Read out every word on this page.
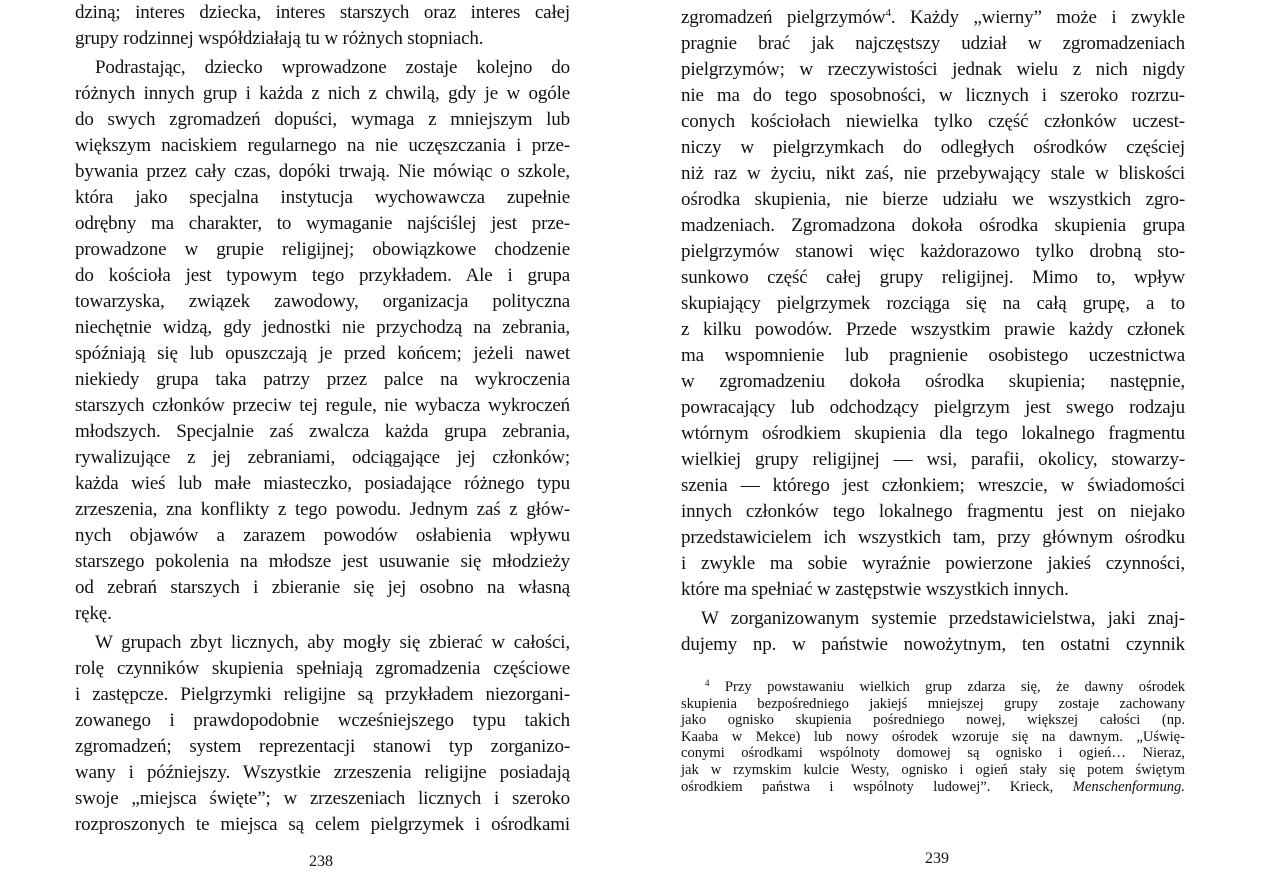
dziną; interes dziecka, interes starszych oraz interes całej
grupy rodzinnej współdziałają tu w różnych stopniach.
Podrastając, dziecko wprowadzone zostaje kolejno do
różnych innych grup i każda z nich z chwilą, gdy je w ogóle
do swych zgromadzeń dopuści, wymaga z mniejszym lub
większym naciskiem regularnego na nie uczęszczania i prze-
bywania przez cały czas, dopóki trwają. Nie mówiąc o szkole,
która jako specjalna instytucja wychowawcza zupełnie
odrębny ma charakter, to wymaganie najściślej jest prze-
prowadzone w grupie religijnej; obowiązkowe chodzenie
do kościoła jest typowym tego przykładem. Ale i grupa
towarzyska, związek zawodowy, organizacja polityczna
niechętnie widzą, gdy jednostki nie przychodzą na zebrania,
spóźniają się lub opuszczają je przed końcem; jeżeli nawet
niekiedy grupa taka patrzy przez palce na wykroczenia
starszych członków przeciw tej regule, nie wybacza wykroczeń
młodszych. Specjalnie zaś zwalcza każda grupa zebrania,
rywalizujące z jej zebraniami, odciągające jej członków;
każda wieś lub małe miasteczko, posiadające różnego typu
zrzeszenia, zna konflikty z tego powodu. Jednym zaś z głów-
nych objawów a zarazem powodów osłabienia wpływu
starszego pokolenia na młodsze jest usuwanie się młodzieży
od zebrań starszych i zbieranie się jej osobno na własną
rękę.
W grupach zbyt licznych, aby mogły się zbierać w całości,
rolę czynników skupienia spełniają zgromadzenia częściowe
i zastępcze. Pielgrzymki religijne są przykładem niezorgani-
zowanego i prawdopodobnie wcześniejszego typu takich
zgromadzeń; system reprezentacji stanowi typ zorganizo-
wany i późniejszy. Wszystkie zrzeszenia religijne posiadają
swoje „miejsca święte”; w zrzeszeniach licznych i szeroko
rozproszonych te miejsca są celem pielgrzymek i ośrodkami
zgromadzeń pielgrzymów$^4$. Każdy „wierny” może i zwykle
pragnie brać jak najczęstszy udział w zgromadzeniach
pielgrzymów; w rzeczywistości jednak wielu z nich nigdy
nie ma do tego sposobności, w licznych i szeroko rozrzu-
conych kościołach niewielka tylko część członków uczest-
niczy w pielgrzymkach do odległych ośrodków częściej
niż raz w życiu, nikt zaś, nie przebywający stale w bliskości
ośrodka skupienia, nie bierze udziału we wszystkich zgro-
madzeniach. Zgromadzona dokoła ośrodka skupienia grupa
pielgrzymów stanowi więc każdorazowo tylko drobną sto-
sunkowo część całej grupy religijnej. Mimo to, wpływ
skupiający pielgrzymek rozciąga się na całą grupę, a to
z kilku powodów. Przede wszystkim prawie każdy członek
ma wspomnienie lub pragnienie osobistego uczestnictwa
w zgromadzeniu dokoła ośrodka skupienia; następnie,
powracający lub odchodzący pielgrzym jest swego rodzaju
wtórnym ośrodkiem skupienia dla tego lokalnego fragmentu
wielkiej grupy religijnej — wsi, parafii, okolicy, stowarzy-
szenia — którego jest członkiem; wreszcie, w świadomości
innych członków tego lokalnego fragmentu jest on niejako
przedstawicielem ich wszystkich tam, przy głównym ośrodku
i zwykle ma sobie wyraźnie powierzone jakieś czynności,
które ma spełniać w zastępstwie wszystkich innych.
W zorganizowanym systemie przedstawicielstwa, jaki znaj-
dujemy np. w państwie nowożytnym, ten ostatni czynnik
$^4$ Przy powstawaniu wielkich grup zdarza się, że dawny ośrodek
skupienia bezpośredniego jakiejś mniejszej grupy zostaje zachowany
jako ognisko skupienia pośredniego nowej, większej całości (np.
Kaaba w Mekce) lub nowy ośrodek wzoruje się na dawnym. „Uświę-
conymi ośrodkami wspólnoty domowej są ognisko i ogień… Nieraz,
jak w rzymskim kulcie Westy, ognisko i ogień stały się potem świętym
ośrodkiem państwa i wspólnoty ludowej”. Krieck, Menschenformung.
238	239
